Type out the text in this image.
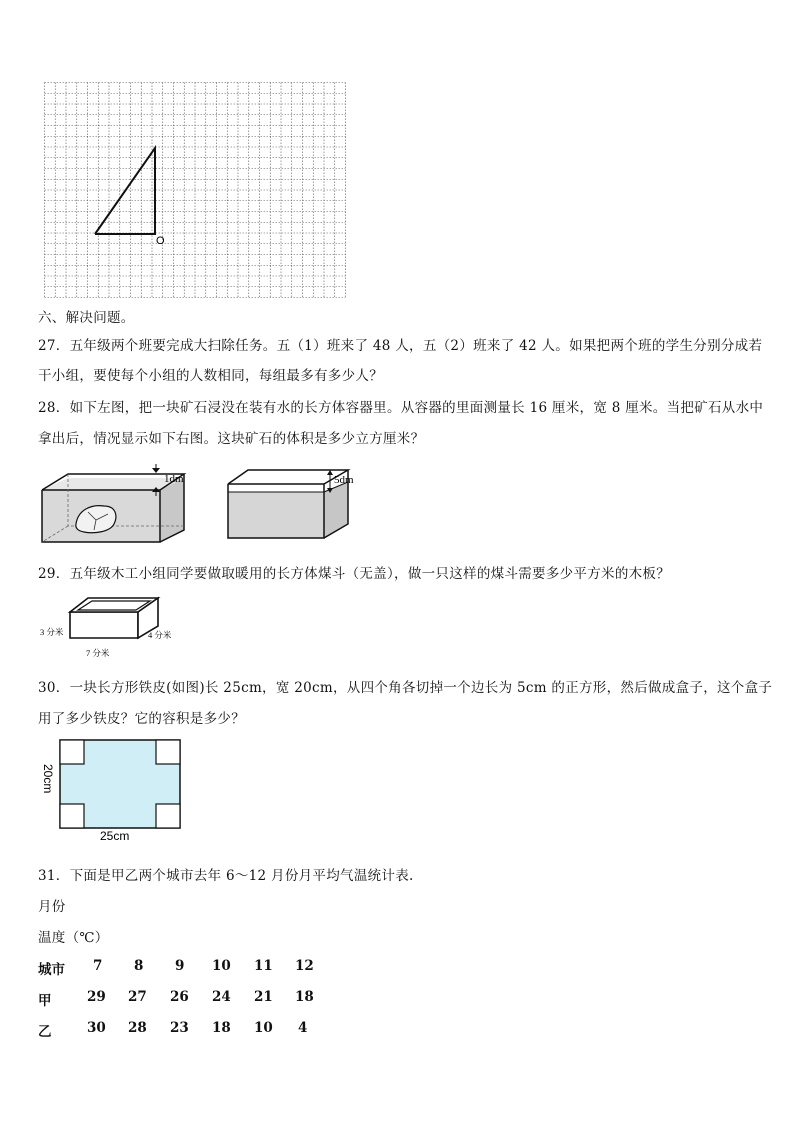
O
六、解决问题。
27．五年级两个班要完成大扫除任务。五（1）班来了 48 人，五（2）班来了 42 人。如果把两个班的学生分别分成若
干小组，要使每个小组的人数相同，每组最多有多少人？
28．如下左图，把一块矿石浸没在装有水的长方体容器里。从容器的里面测量长 16 厘米，宽 8 厘米。当把矿石从水中
拿出后，情况显示如下右图。这块矿石的体积是多少立方厘米？
1dm	5dm
29．五年级木工小组同学要做取暖用的长方体煤斗（无盖），做一只这样的煤斗需要多少平方米的木板？
3 分米	4 分米
7 分米
30．一块长方形铁皮(如图)长 25cm，宽 20cm，从四个角各切掉一个边长为 5cm 的正方形，然后做成盒子，这个盒子
用了多少铁皮？它的容积是多少？
25cm
20cm
31．下面是甲乙两个城市去年 6～12 月份月平均气温统计表.
月份
温度（℃）
城市 7 8 9 10 11 12
甲	29 27 26 24 21 18
乙	30 28 23 18 10 4
